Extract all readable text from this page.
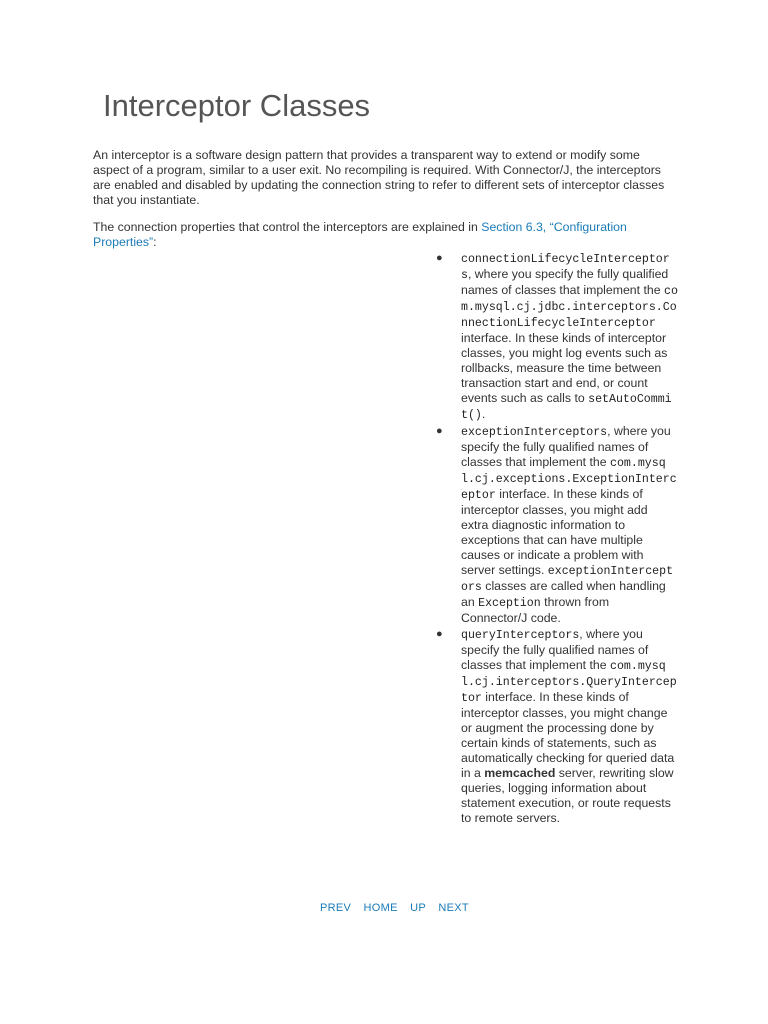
Interceptor Classes

An interceptor is a software design pattern that provides a transparent way to extend or modify some aspect of a program, similar to a user exit. No recompiling is required. With Connector/J, the interceptors are enabled and disabled by updating the connection string to refer to different sets of interceptor classes that you instantiate.

The connection properties that control the interceptors are explained in Section 6.3, “Configuration Properties”:

● connectionLifecycleInterceptors, where you specify the fully qualified names of classes that implement the com.mysql.cj.jdbc.interceptors.ConnectionLifecycleInterceptor interface. In these kinds of interceptor classes, you might log events such as rollbacks, measure the time between transaction start and end, or count events such as calls to setAutoCommit().
● exceptionInterceptors, where you specify the fully qualified names of classes that implement the com.mysql.cj.exceptions.ExceptionInterceptor interface. In these kinds of interceptor classes, you might add extra diagnostic information to exceptions that can have multiple causes or indicate a problem with server settings. exceptionInterceptors classes are called when handling an Exception thrown from Connector/J code.
● queryInterceptors, where you specify the fully qualified names of classes that implement the com.mysql.cj.interceptors.QueryInterceptor interface. In these kinds of interceptor classes, you might change or augment the processing done by certain kinds of statements, such as automatically checking for queried data in a memcached server, rewriting slow queries, logging information about statement execution, or route requests to remote servers.
PREV HOME UP NEXT
